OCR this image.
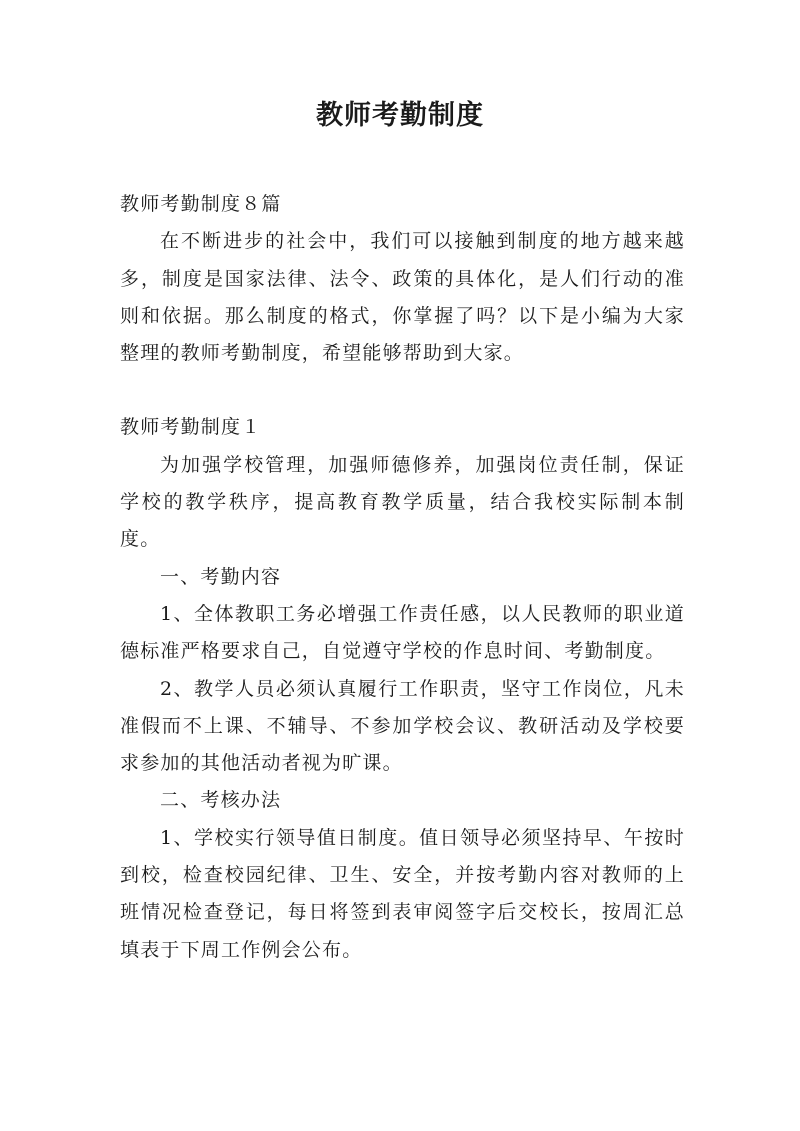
教师考勤制度

教师考勤制度８篇

在不断进步的社会中，我们可以接触到制度的地方越来越多，制度是国家法律、法令、政策的具体化，是人们行动的准则和依据。那么制度的格式，你掌握了吗？以下是小编为大家整理的教师考勤制度，希望能够帮助到大家。

教师考勤制度１

为加强学校管理，加强师德修养，加强岗位责任制，保证学校的教学秩序，提高教育教学质量，结合我校实际制本制度。

一、考勤内容

1、全体教职工务必增强工作责任感，以人民教师的职业道德标准严格要求自己，自觉遵守学校的作息时间、考勤制度。

2、教学人员必须认真履行工作职责，坚守工作岗位，凡未准假而不上课、不辅导、不参加学校会议、教研活动及学校要求参加的其他活动者视为旷课。

二、考核办法

1、学校实行领导值日制度。值日领导必须坚持早、午按时到校，检查校园纪律、卫生、安全，并按考勤内容对教师的上班情况检查登记，每日将签到表审阅签字后交校长，按周汇总填表于下周工作例会公布。
